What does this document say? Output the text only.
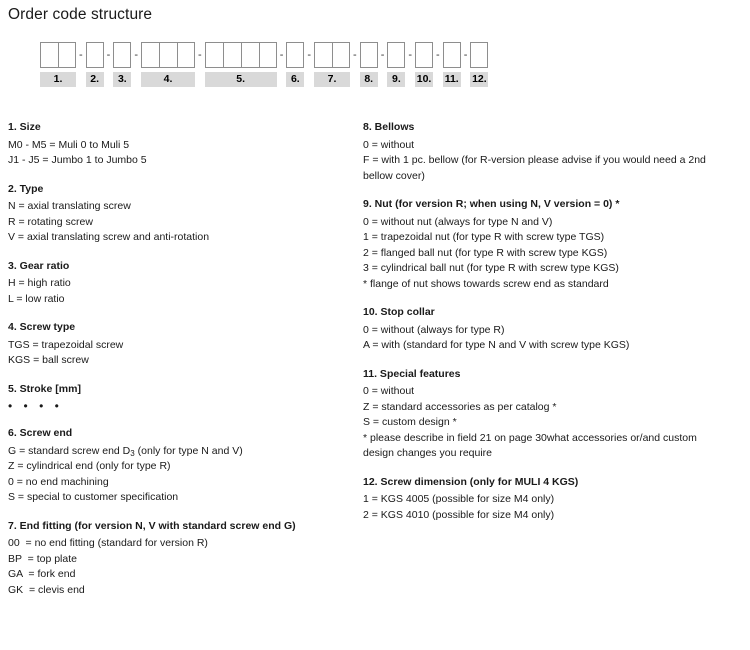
Order code structure
1.
-
2.
-
3.
-
4.
-
5.
-
6.
-
7.
-
8.
-
9.
-
10.
-
11.
-
12.
1. Size
M0 - M5 = Muli 0 to Muli 5
J1 - J5 = Jumbo 1 to Jumbo 5
2. Type
N = axial translating screw
R = rotating screw
V = axial translating screw and anti-rotation
3. Gear ratio
H = high ratio
L = low ratio
4. Screw type
TGS = trapezoidal screw
KGS = ball screw
5. Stroke [mm]
• • • •
6. Screw end
G = standard screw end $D_3$ (only for type N and V)
Z = cylindrical end (only for type R)
0 = no end machining
S = special to customer specification
7. End fitting (for version N, V with standard screw end G)
00  = no end fitting (standard for version R)
BP  = top plate
GA  = fork end
GK  = clevis end
8. Bellows
0 = without
F = with 1 pc. bellow (for R-version please advise if you would need a 2nd
bellow cover)
9. Nut (for version R; when using N, V version = 0) *
0 = without nut (always for type N and V)
1 = trapezoidal nut (for type R with screw type TGS)
2 = flanged ball nut (for type R with screw type KGS)
3 = cylindrical ball nut (for type R with screw type KGS)
* flange of nut shows towards screw end as standard
10. Stop collar
0 = without (always for type R)
A = with (standard for type N and V with screw type KGS)
11. Special features
0 = without
Z = standard accessories as per catalog *
S = custom design *
* please describe in field 21 on page 30what accessories or/and custom
design changes you require
12. Screw dimension (only for MULI 4 KGS)
1 = KGS 4005 (possible for size M4 only)
2 = KGS 4010 (possible for size M4 only)
